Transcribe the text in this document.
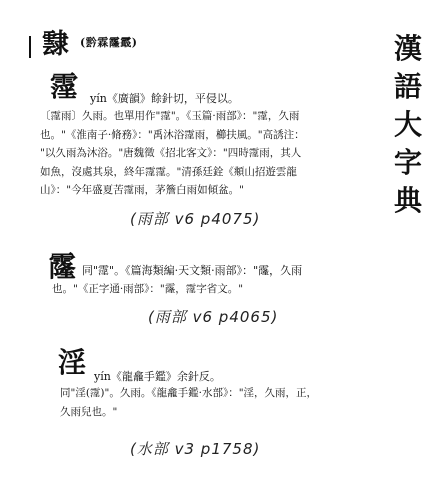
霴 (霒霖霳霵)	漢
語
大
字
典
霪 yín《廣韻》餘針切，平侵以。
〔霪雨〕久雨。也單用作"霪"。《玉篇·雨部》："霪，久雨
也。"《淮南子·脩務》："禹沐浴霪雨，櫛扶風。"高誘注：
"以久雨為沐浴。"唐魏徵《招北客文》："四時霪雨，其人
如魚，沒處其泉，終年霪霪。"清孫廷銓《頫山招遊雲龍
山》："今年盛夏苦霪雨，茅簷白雨如傾盆。"
(雨部 v6 p4075)
霳 同"霪"。《篇海類編·天文類·雨部》："霳，久雨
也。"《正字通·雨部》："霳，霪字省文。"
(雨部 v6 p4065)
淫 yín《龍龕手鑑》余針反。
同"淫(霪)"。久雨。《龍龕手鑑·水部》："淫，久雨，正，
久雨兒也。"
(水部 v3 p1758)
